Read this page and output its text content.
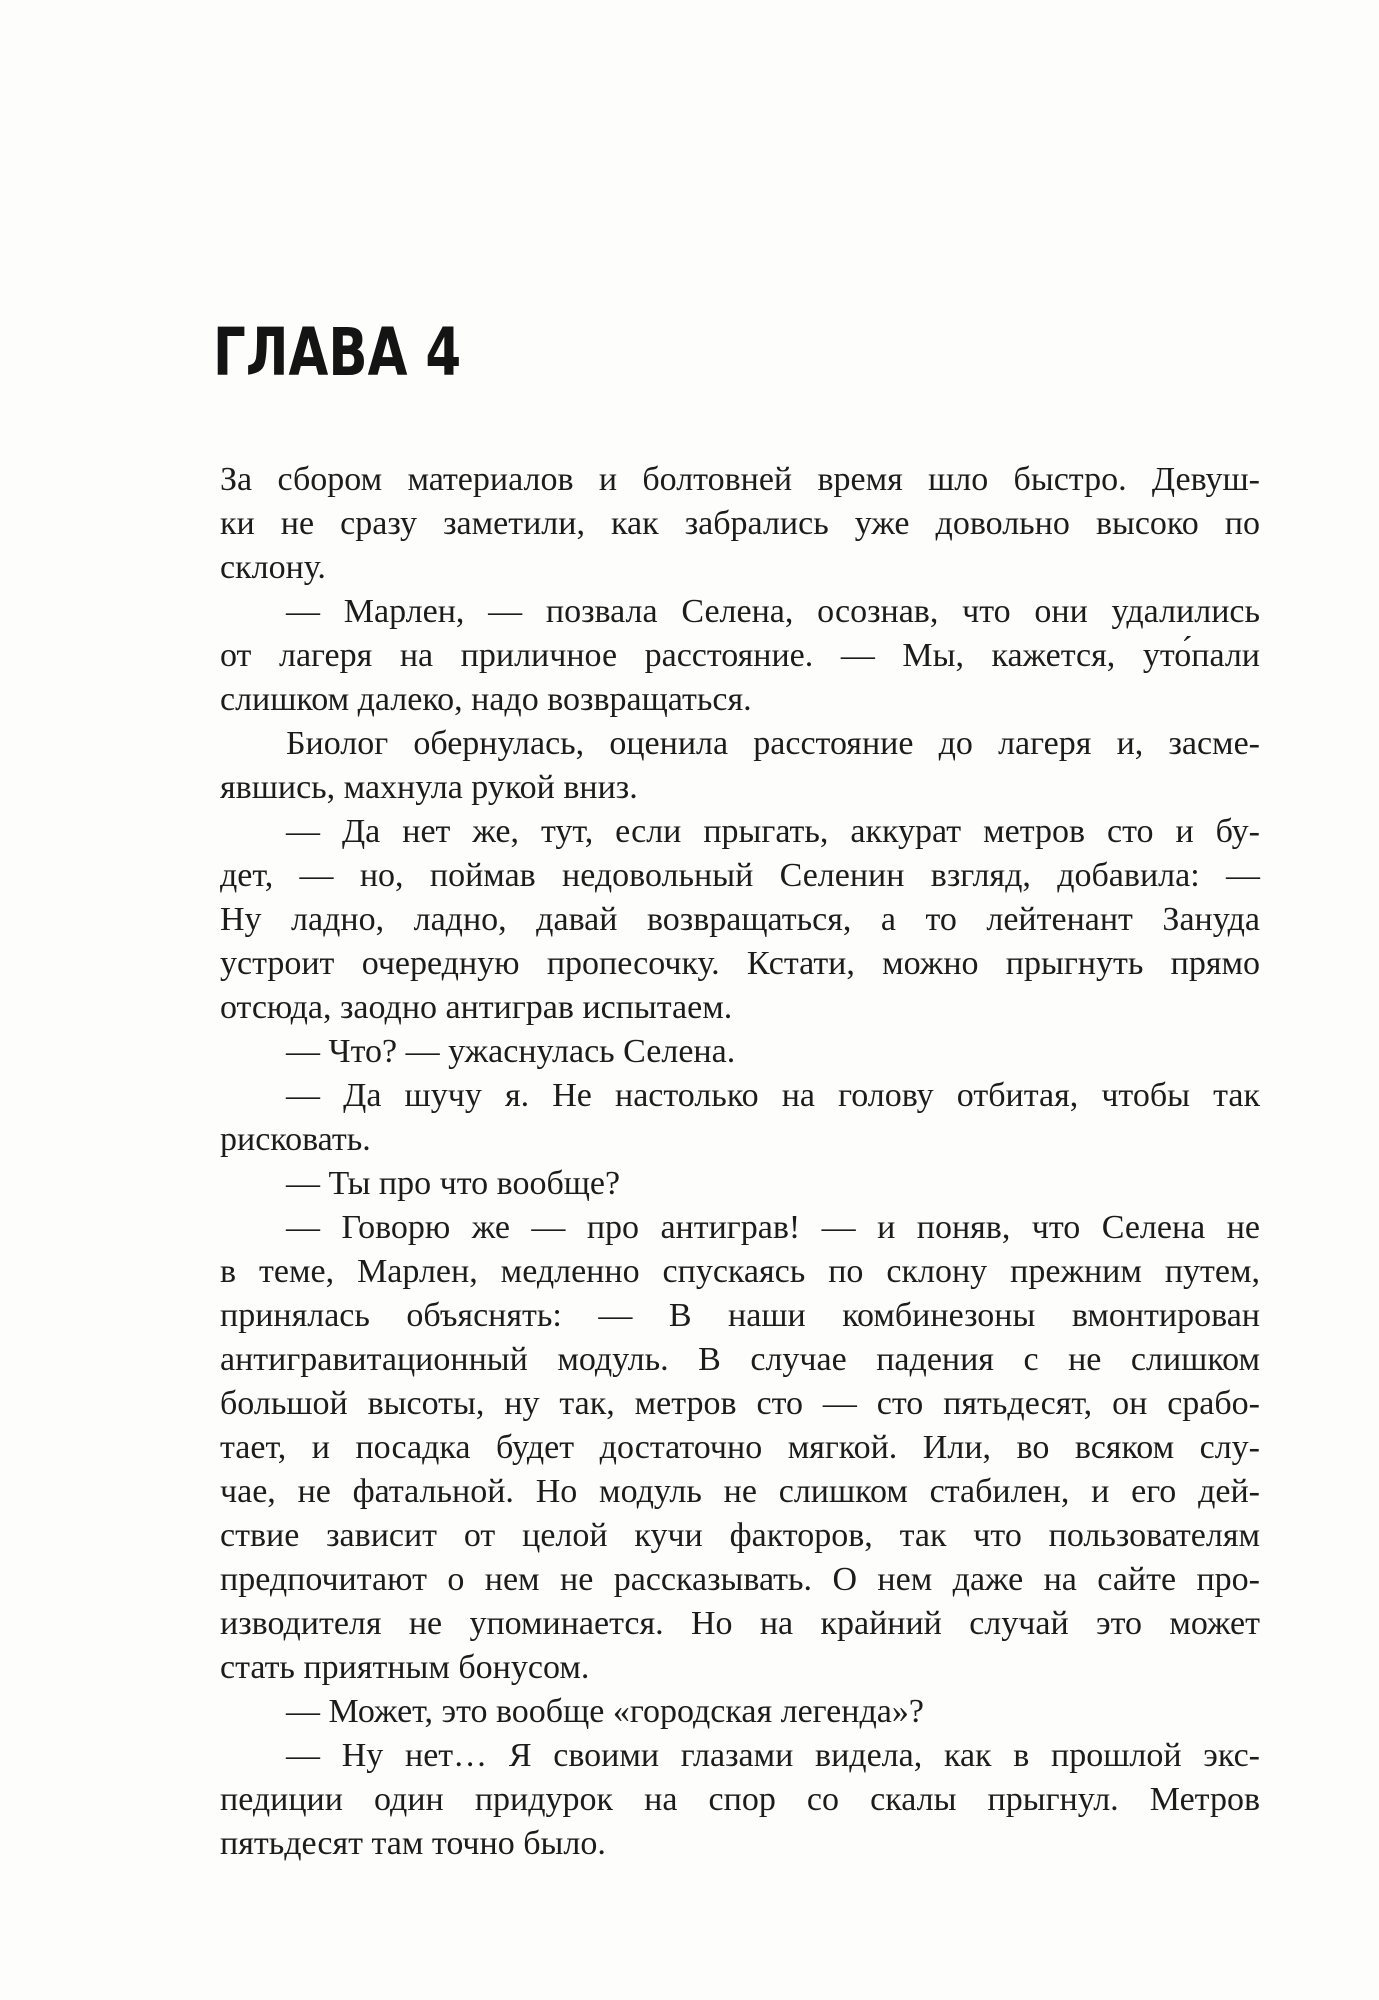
ГЛАВА 4
За сбором материалов и болтовней время шло быстро. Девуш-
ки не сразу заметили, как забрались уже довольно высоко по
склону.
— Марлен, — позвала Селена, осознав, что они удалились
от лагеря на приличное расстояние. — Мы, кажется, уто́пали
слишком далеко, надо возвращаться.
Биолог обернулась, оценила расстояние до лагеря и, засме-
явшись, махнула рукой вниз.
— Да нет же, тут, если прыгать, аккурат метров сто и бу-
дет, — но, поймав недовольный Селенин взгляд, добавила: —
Ну ладно, ладно, давай возвращаться, а то лейтенант Зануда
устроит очередную пропесочку. Кстати, можно прыгнуть прямо
отсюда, заодно антиграв испытаем.
— Что? — ужаснулась Селена.
— Да шучу я. Не настолько на голову отбитая, чтобы так
рисковать.
— Ты про что вообще?
— Говорю же — про антиграв! — и поняв, что Селена не
в теме, Марлен, медленно спускаясь по склону прежним путем,
принялась объяснять: — В наши комбинезоны вмонтирован
антигравитационный модуль. В случае падения с не слишком
большой высоты, ну так, метров сто — сто пятьдесят, он срабо-
тает, и посадка будет достаточно мягкой. Или, во всяком слу-
чае, не фатальной. Но модуль не слишком стабилен, и его дей-
ствие зависит от целой кучи факторов, так что пользователям
предпочитают о нем не рассказывать. О нем даже на сайте про-
изводителя не упоминается. Но на крайний случай это может
стать приятным бонусом.
— Может, это вообще «городская легенда»?
— Ну нет… Я своими глазами видела, как в прошлой экс-
педиции один придурок на спор со скалы прыгнул. Метров
пятьдесят там точно было.
